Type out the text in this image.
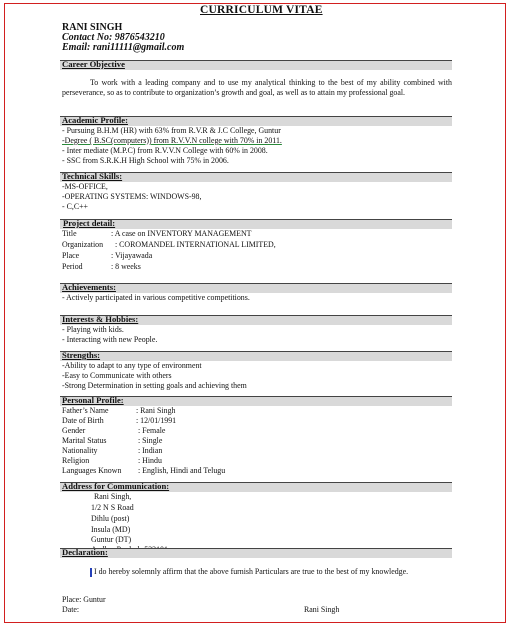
CURRICULUM VITAE
RANI SINGH
Contact No: 9876543210
Email: rani11111@gmail.com
Career Objective
To work with a leading company and to use my analytical thinking to the best of my ability combined with perseverance, so as to contribute to organization’s growth and goal, as well as to attain my professional goal.
Academic Profile:
- Pursuing B.H.M (HR) with 63% from R.V.R & J.C College, Guntur
-Degree ( B.SC(computers)) from R.V.V.N college with 70% in 2011.
- Inter mediate (M.P.C) from R.V.V.N College with 60% in 2008.
- SSC from S.R.K.H High School with 75% in 2006.
Technical Skills:
-MS-OFFICE,
-OPERATING SYSTEMS: WINDOWS-98,
- C,C++
Project detail:
Title	: A case on INVENTORY MANAGEMENT
Organization : COROMANDEL INTERNATIONAL LIMITED,
Place	: Vijayawada
Period	: 8 weeks
Achievements:
- Actively participated in various competitive competitions.
Interests & Hobbies:
- Playing with kids.
- Interacting with new People.
Strengths:
-Ability to adapt to any type of environment
-Easy to Communicate with others
-Strong Determination in setting goals and achieving them
Personal Profile:
Father’s Name	: Rani Singh
Date of Birth	: 12/01/1991
Gender	: Female
Marital Status	: Single
Nationality	: Indian
Religion	: Hindu
Languages Known : English, Hindi and Telugu
Address for Communication:
Rani Singh,
1/2 N S Road
Dihlu (post)
Insula (MD)
Guntur (DT)
Declaration:
I do hereby solemnly affirm that the above furnish Particulars are true to the best of my knowledge.
Place: Guntur
Date:	Rani Singh
